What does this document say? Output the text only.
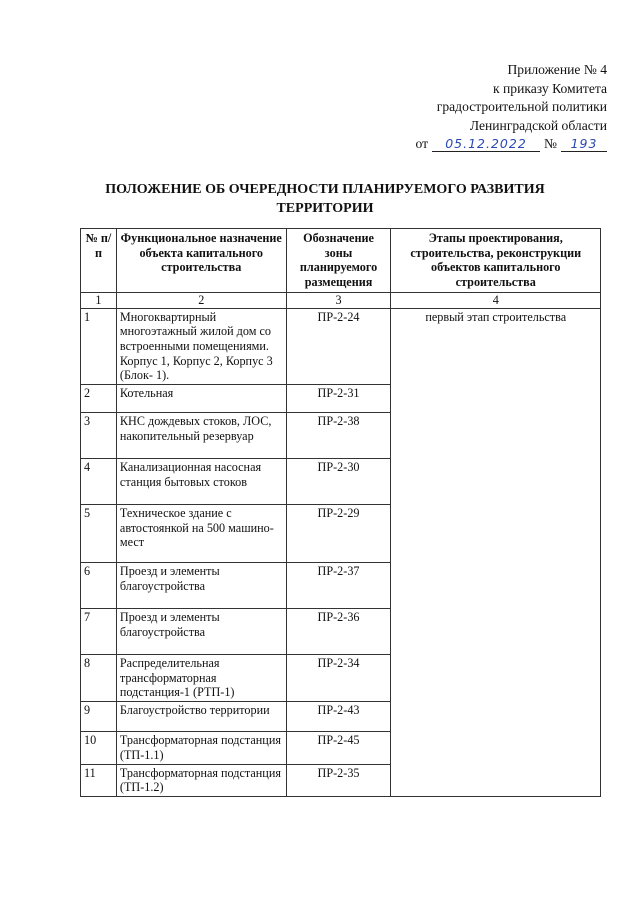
Приложение № 4
к приказу Комитета
градостроительной политики
Ленинградской области
от	05.12.2022	№	193
ПОЛОЖЕНИЕ ОБ ОЧЕРЕДНОСТИ ПЛАНИРУЕМОГО РАЗВИТИЯ
ТЕРРИТОРИИ
№ п/п	Функциональное назначение объекта капитального строительства	Обозначение зоны планируемого размещения	Этапы проектирования, строительства, реконструкции объектов капитального строительства
1	2	3	4
1	Многоквартирный многоэтажный жилой дом со встроенными помещениями. Корпус 1, Корпус 2, Корпус 3 (Блок- 1).	ПР-2-24	первый этап строительства
2	Котельная	ПР-2-31	
3	КНС дождевых стоков, ЛОС, накопительный резервуар	ПР-2-38	
4	Канализационная насосная станция бытовых стоков	ПР-2-30	
5	Техническое здание с автостоянкой на 500 машино-мест	ПР-2-29	
6	Проезд и элементы благоустройства	ПР-2-37	
7	Проезд и элементы благоустройства	ПР-2-36	
8	Распределительная трансформаторная подстанция-1 (РТП-1)	ПР-2-34	
9	Благоустройство территории	ПР-2-43	
10	Трансформаторная подстанция (ТП-1.1)	ПР-2-45	
11	Трансформаторная подстанция (ТП-1.2)	ПР-2-35	
